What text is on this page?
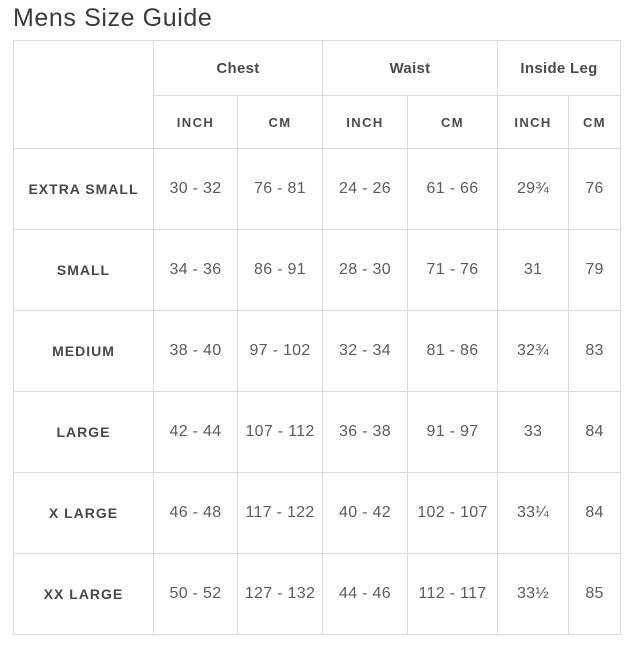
Mens Size Guide
	Chest		Waist		Inside Leg	
	INCH	CM	INCH	CM	INCH	CM
EXTRA SMALL	30 - 32	76 - 81	24 - 26	61 - 66	29¾	76
SMALL	34 - 36	86 - 91	28 - 30	71 - 76	31	79
MEDIUM	38 - 40	97 - 102	32 - 34	81 - 86	32¾	83
LARGE	42 - 44	107 - 112	36 - 38	91 - 97	33	84
X LARGE	46 - 48	117 - 122	40 - 42	102 - 107	33¼	84
XX LARGE	50 - 52	127 - 132	44 - 46	112 - 117	33½	85
